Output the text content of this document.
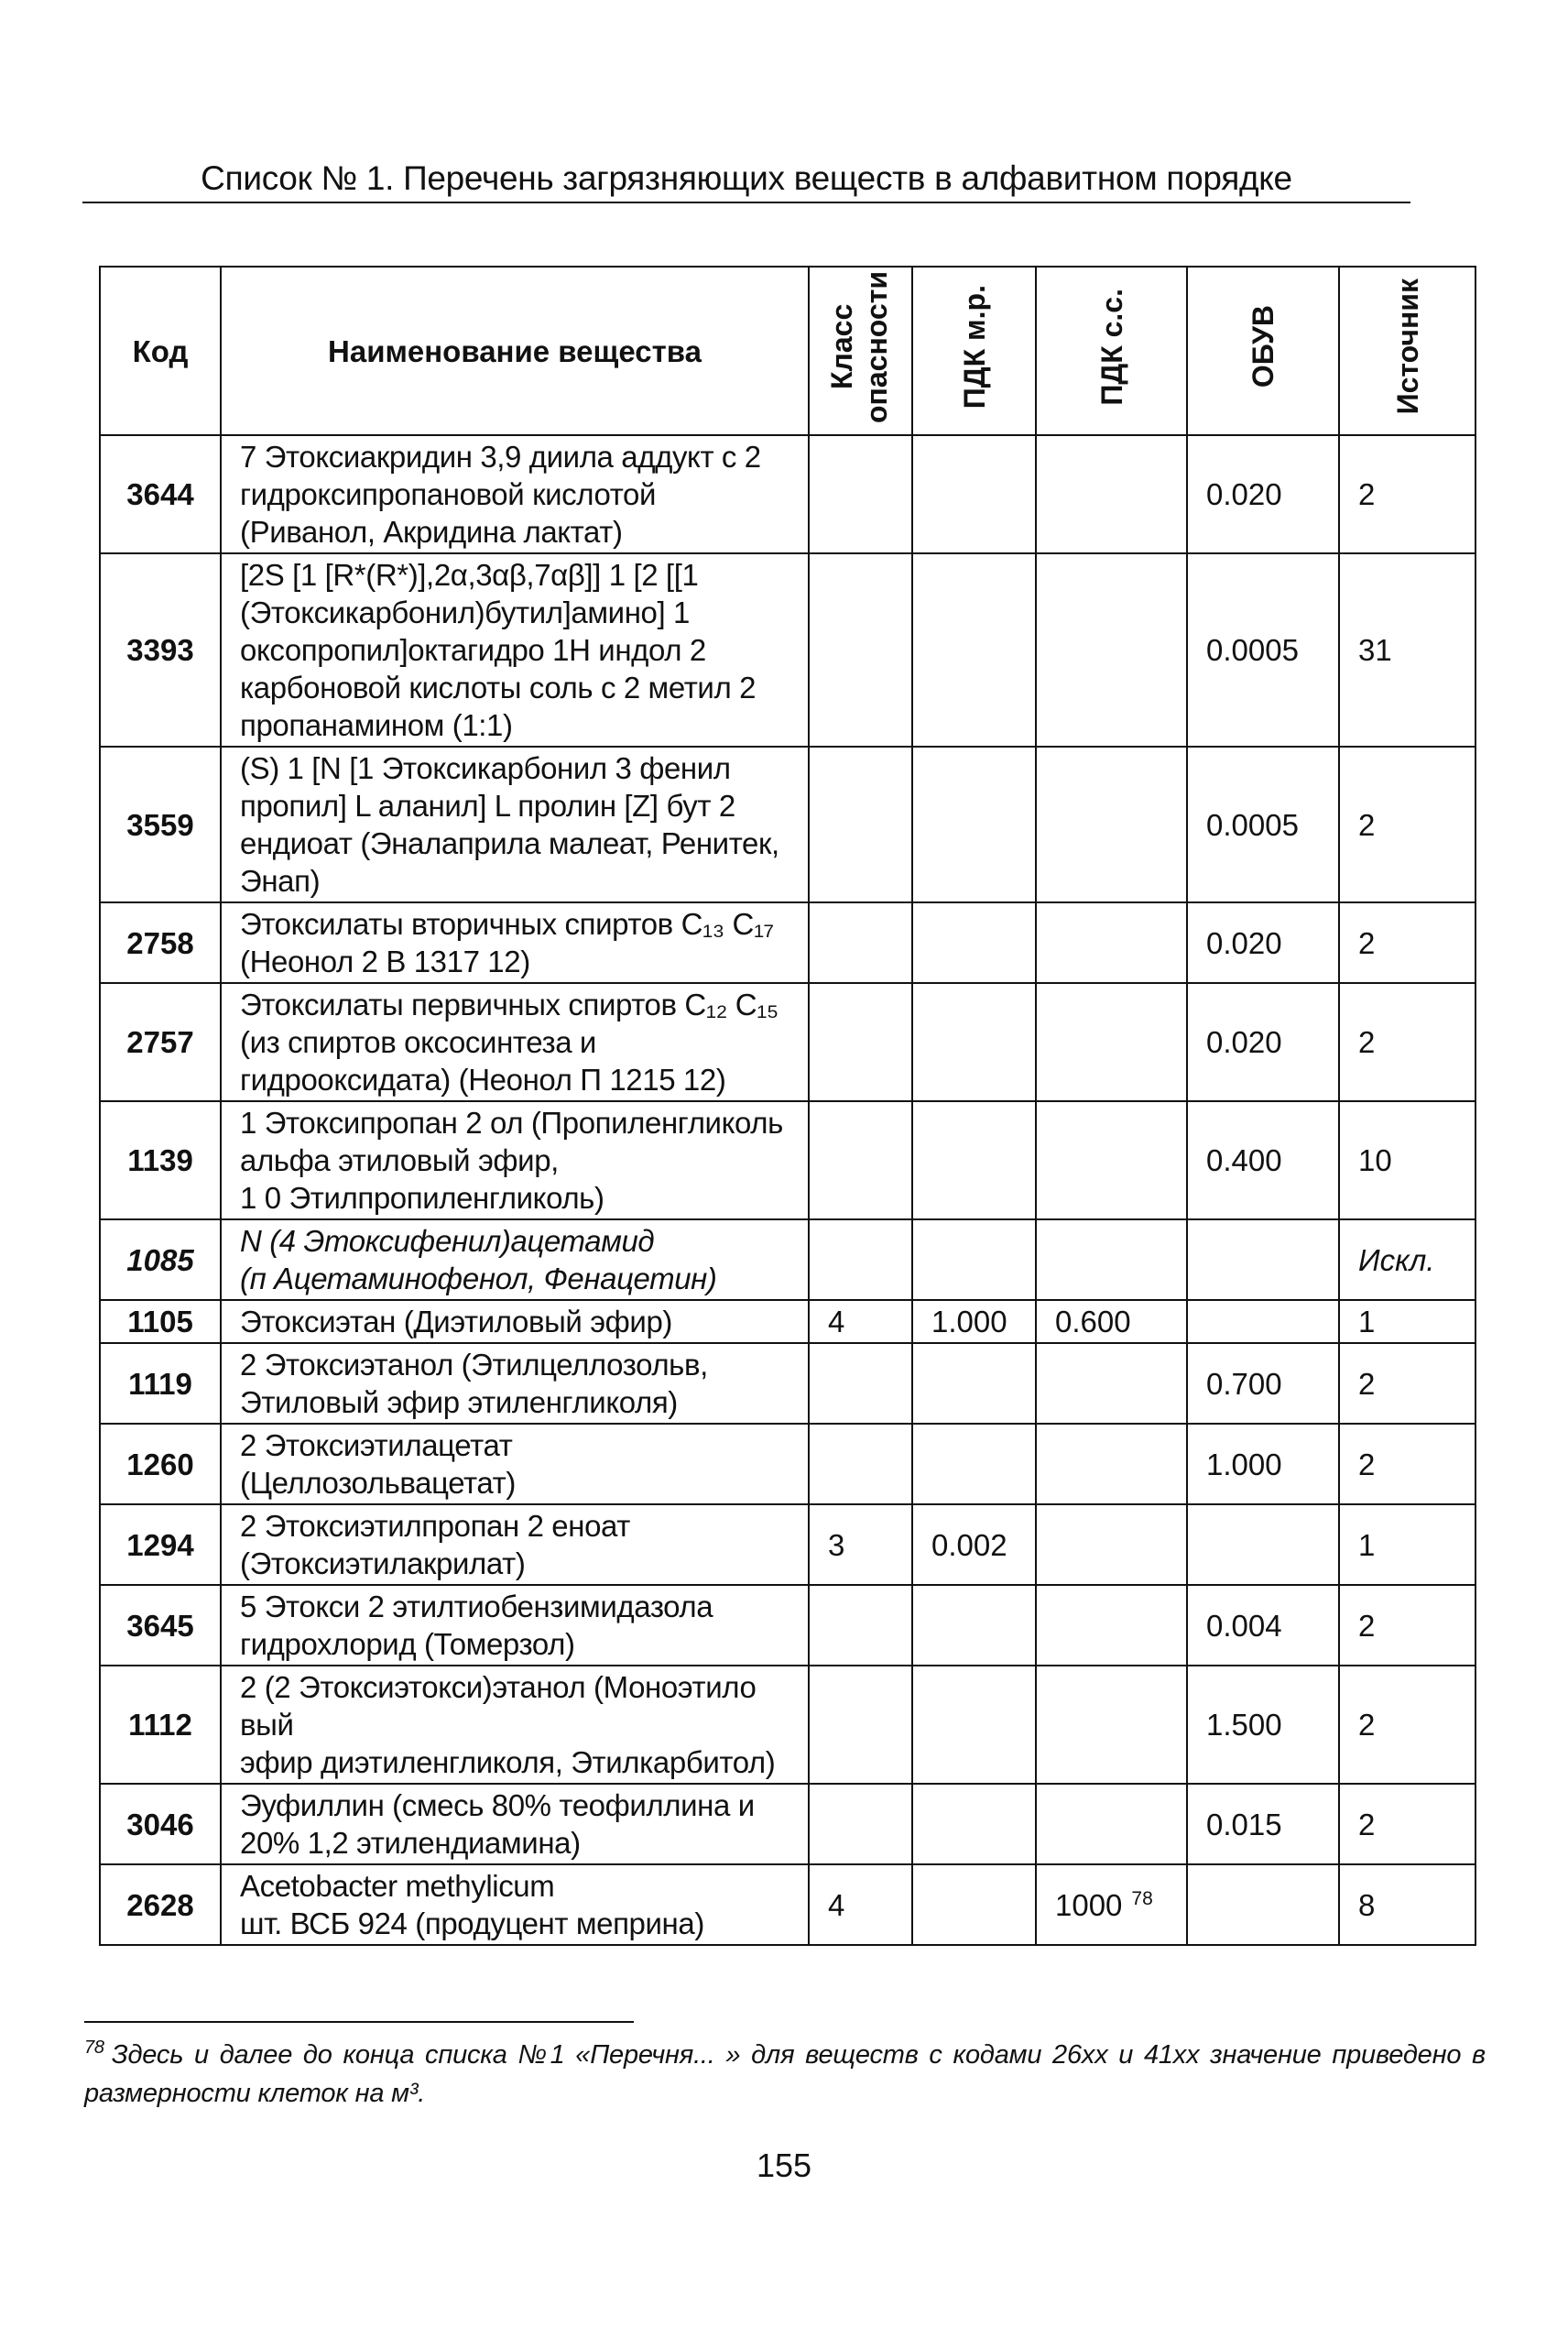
Список № 1. Перечень загрязняющих веществ в алфавитном порядке
Код	Наименование вещества	Класс опасности	ПДК м.р.	ПДК с.с.	ОБУВ	Источник
3644	7 Этоксиакридин 3,9 диила аддукт с 2
гидроксипропановой кислотой
(Риванол, Акридина лактат)				0.020	2
3393	[2S [1 [R*(R*)],2α,3αβ,7αβ]] 1 [2 [[1
(Этоксикарбонил)бутил]амино] 1
оксопропил]октагидро 1H индол 2
карбоновой кислоты соль с 2 метил 2
пропанамином (1:1)				0.0005	31
3559	(S) 1 [N [1 Этоксикарбонил 3 фенил
пропил] L аланил] L пролин [Z] бут 2
ендиоат (Эналаприла малеат, Ренитек,
Энап)				0.0005	2
2758	Этоксилаты вторичных спиртов C₁₃ C₁₇
(Неонол 2 В 1317 12)				0.020	2
2757	Этоксилаты первичных спиртов C₁₂ C₁₅
(из спиртов оксосинтеза и
гидрооксидата) (Неонол П 1215 12)				0.020	2
1139	1 Этоксипропан 2 ол (Пропиленгликоль
альфа этиловый эфир,
1 0 Этилпропиленгликоль)				0.400	10
1085	N (4 Этоксифенил)ацетамид
(п Ацетаминофенол, Фенацетин)					Искл.
1105	Этоксиэтан (Диэтиловый эфир)	4	1.000	0.600		1
1119	2 Этоксиэтанол (Этилцеллозольв,
Этиловый эфир этиленгликоля)				0.700	2
1260	2 Этоксиэтилацетат (Целлозольвацетат)				1.000	2
1294	2 Этоксиэтилпропан 2 еноат
(Этоксиэтилакрилат)	3	0.002			1
3645	5 Этокси 2 этилтиобензимидазола
гидрохлорид (Томерзол)				0.004	2
1112	2 (2 Этоксиэтокси)этанол (Моноэтило вый
эфир диэтиленгликоля, Этилкарбитол)				1.500	2
3046	Эуфиллин (смесь 80% теофиллина и
20% 1,2 этилендиамина)				0.015	2
2628	Acetobacter methylicum
шт. ВСБ 924 (продуцент меприна)	4		1000 $^{78}$		8
$^{78}$ Здесь и далее до конца списка №1 «Перечня... » для веществ с кодами 26xx и 41xx значение приведено в размерности клеток на м³.
155
